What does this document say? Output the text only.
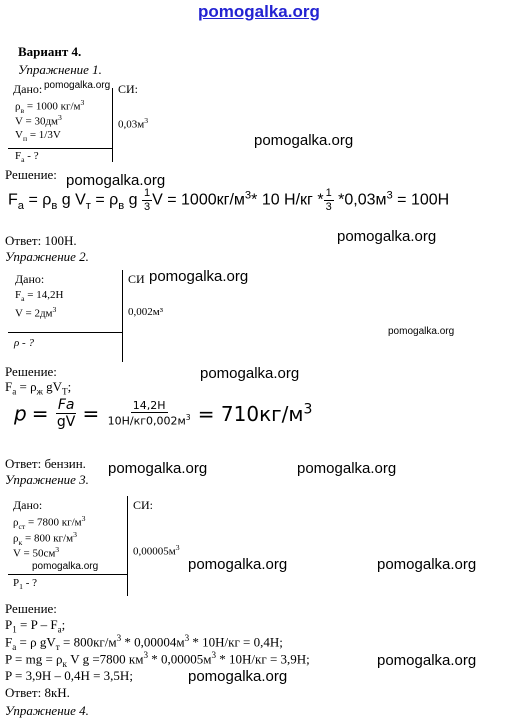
pomogalka.org
Вариант 4.
Упражнение 1.
Дано: pomogalka.org СИ:
$\rho_в = 1000$ $кг/м^3$
$V = 30дм^3$
$V_п = 1/3V$
$0,03м^3$
$F_а$ - ?
pomogalka.org
Решение: pomogalka.org
$F_а = \rho_в$ g $V_т = \rho_в$ g $\frac{1}{3}$ $V = 1000кг/м^3*$ 10 $Н/кг * \frac{1}{3} *0,03м^3 = 100Н$
Ответ: 100Н.	pomogalka.org
Упражнение 2.
Дано:	СИ pomogalka.org
$F_а = 14,2Н$
$V = 2дм^3$	0,002м³
ρ - ?
pomogalka.org
Решение:	pomogalka.org
$F_а = \rho_ж$ $gV_T$;
$p = \frac{Fa}{gV} = \frac{14,2Н}{10Н/кг0,002м^3} = 710кг/м^3$
Ответ: бензин. pomogalka.org	pomogalka.org
Упражнение 3.
Дано:	СИ:
$\rho_{ст} = 7800$ $кг/м^3$
$\rho_к = 800$ $кг/м^3$
$V = 50см^3$	$0,00005м^3$
pomogalka.org
$P_1$ - ?
pomogalka.org	pomogalka.org
Решение:
$P_1 = P - F_а$;
$F_а = \rho$ $gV_т = 800кг/м^3 * 0,00004м^3 * 10Н/кг = 0,4Н$;
P = mg = $\rho_к$ V g =7800 $км^3 * 0,00005м^3 * 10Н/кг = 3,9Н$;	pomogalka.org
P = 3,9Н – 0,4Н = 3,5Н;	pomogalka.org
Ответ: 8кН.
Упражнение 4.
